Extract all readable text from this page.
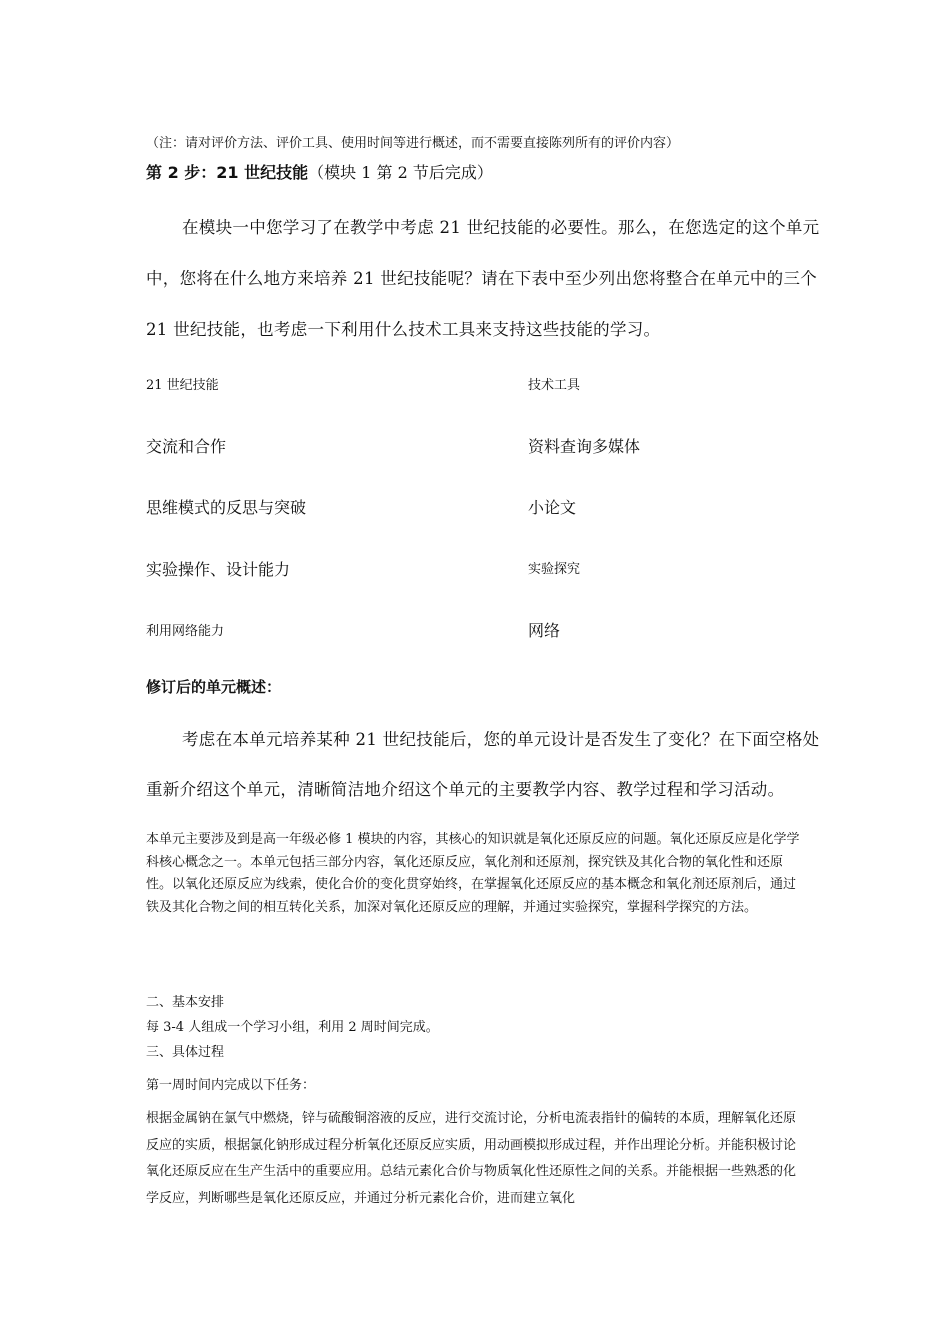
（注：请对评价方法、评价工具、使用时间等进行概述，而不需要直接陈列所有的评价内容）
第 2 步：21 世纪技能（模块 1 第 2 节后完成）
在模块一中您学习了在教学中考虑 21 世纪技能的必要性。那么，在您选定的这个单元
中，您将在什么地方来培养 21 世纪技能呢？请在下表中至少列出您将整合在单元中的三个
21 世纪技能，也考虑一下利用什么技术工具来支持这些技能的学习。
21 世纪技能	技术工具
交流和合作	资料查询多媒体
思维模式的反思与突破	小论文
实验操作、设计能力	实验探究
利用网络能力	网络
修订后的单元概述：
考虑在本单元培养某种 21 世纪技能后，您的单元设计是否发生了变化？在下面空格处
重新介绍这个单元，清晰简洁地介绍这个单元的主要教学内容、教学过程和学习活动。
本单元主要涉及到是高一年级必修 1 模块的内容，其核心的知识就是氧化还原反应的问题。氧化还原反应是化学学科核心概念之一。本单元包括三部分内容，氧化还原反应，氧化剂和还原剂，探究铁及其化合物的氧化性和还原性。以氧化还原反应为线索，使化合价的变化贯穿始终，在掌握氧化还原反应的基本概念和氧化剂还原剂后，通过铁及其化合物之间的相互转化关系，加深对氧化还原反应的理解，并通过实验探究，掌握科学探究的方法。
二、基本安排
每 3-4 人组成一个学习小组，利用 2 周时间完成。
三、具体过程
第一周时间内完成以下任务：
根据金属钠在氯气中燃烧，锌与硫酸铜溶液的反应，进行交流讨论，分析电流表指针的偏转的本质，理解氧化还原反应的实质，根据氯化钠形成过程分析氧化还原反应实质，用动画模拟形成过程，并作出理论分析。并能积极讨论氧化还原反应在生产生活中的重要应用。总结元素化合价与物质氧化性还原性之间的关系。并能根据一些熟悉的化学反应，判断哪些是氧化还原反应，并通过分析元素化合价，进而建立氧化
